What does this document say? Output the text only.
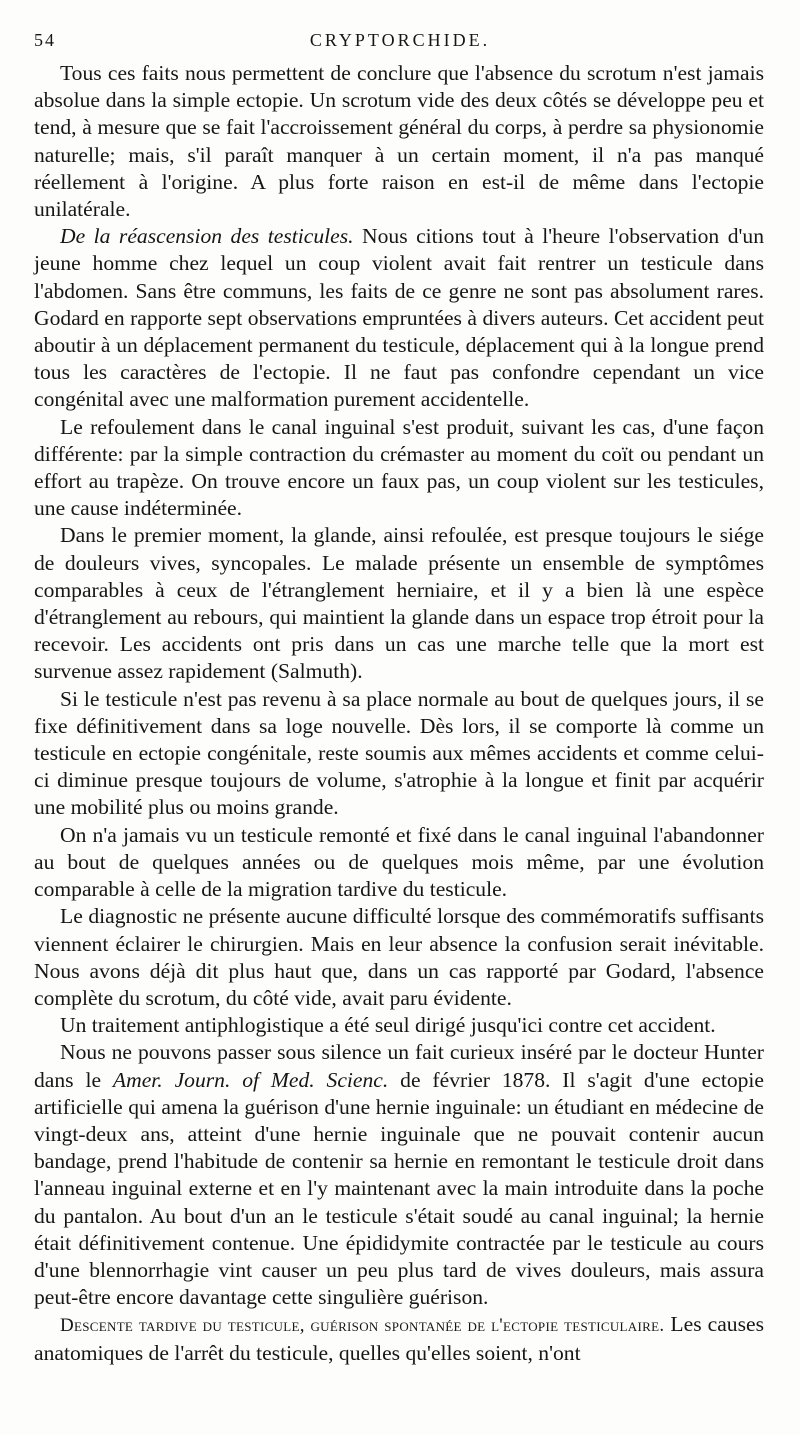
54	CRYPTORCHIDE.

Tous ces faits nous permettent de conclure que l'absence du scrotum n'est jamais absolue dans la simple ectopie. Un scrotum vide des deux côtés se développe peu et tend, à mesure que se fait l'accroissement général du corps, à perdre sa physionomie naturelle; mais, s'il paraît manquer à un certain moment, il n'a pas manqué réellement à l'origine. A plus forte raison en est-il de même dans l'ectopie unilatérale.

De la réascension des testicules. Nous citions tout à l'heure l'observation d'un jeune homme chez lequel un coup violent avait fait rentrer un testicule dans l'abdomen. Sans être communs, les faits de ce genre ne sont pas absolument rares. Godard en rapporte sept observations empruntées à divers auteurs. Cet accident peut aboutir à un déplacement permanent du testicule, déplacement qui à la longue prend tous les caractères de l'ectopie. Il ne faut pas confondre cependant un vice congénital avec une malformation purement accidentelle.

Le refoulement dans le canal inguinal s'est produit, suivant les cas, d'une façon différente: par la simple contraction du crémaster au moment du coït ou pendant un effort au trapèze. On trouve encore un faux pas, un coup violent sur les testicules, une cause indéterminée.

Dans le premier moment, la glande, ainsi refoulée, est presque toujours le siége de douleurs vives, syncopales. Le malade présente un ensemble de symptômes comparables à ceux de l'étranglement herniaire, et il y a bien là une espèce d'étranglement au rebours, qui maintient la glande dans un espace trop étroit pour la recevoir. Les accidents ont pris dans un cas une marche telle que la mort est survenue assez rapidement (Salmuth).

Si le testicule n'est pas revenu à sa place normale au bout de quelques jours, il se fixe définitivement dans sa loge nouvelle. Dès lors, il se comporte là comme un testicule en ectopie congénitale, reste soumis aux mêmes accidents et comme celui-ci diminue presque toujours de volume, s'atrophie à la longue et finit par acquérir une mobilité plus ou moins grande.

On n'a jamais vu un testicule remonté et fixé dans le canal inguinal l'abandonner au bout de quelques années ou de quelques mois même, par une évolution comparable à celle de la migration tardive du testicule.

Le diagnostic ne présente aucune difficulté lorsque des commémoratifs suffisants viennent éclairer le chirurgien. Mais en leur absence la confusion serait inévitable. Nous avons déjà dit plus haut que, dans un cas rapporté par Godard, l'absence complète du scrotum, du côté vide, avait paru évidente.

Un traitement antiphlogistique a été seul dirigé jusqu'ici contre cet accident.

Nous ne pouvons passer sous silence un fait curieux inséré par le docteur Hunter dans le Amer. Journ. of Med. Scienc. de février 1878. Il s'agit d'une ectopie artificielle qui amena la guérison d'une hernie inguinale: un étudiant en médecine de vingt-deux ans, atteint d'une hernie inguinale que ne pouvait contenir aucun bandage, prend l'habitude de contenir sa hernie en remontant le testicule droit dans l'anneau inguinal externe et en l'y maintenant avec la main introduite dans la poche du pantalon. Au bout d'un an le testicule s'était soudé au canal inguinal; la hernie était définitivement contenue. Une épididymite contractée par le testicule au cours d'une blennorrhagie vint causer un peu plus tard de vives douleurs, mais assura peut-être encore davantage cette singulière guérison.

Descente tardive du testicule, guérison spontanée de l'ectopie testiculaire. Les causes anatomiques de l'arrêt du testicule, quelles qu'elles soient, n'ont
